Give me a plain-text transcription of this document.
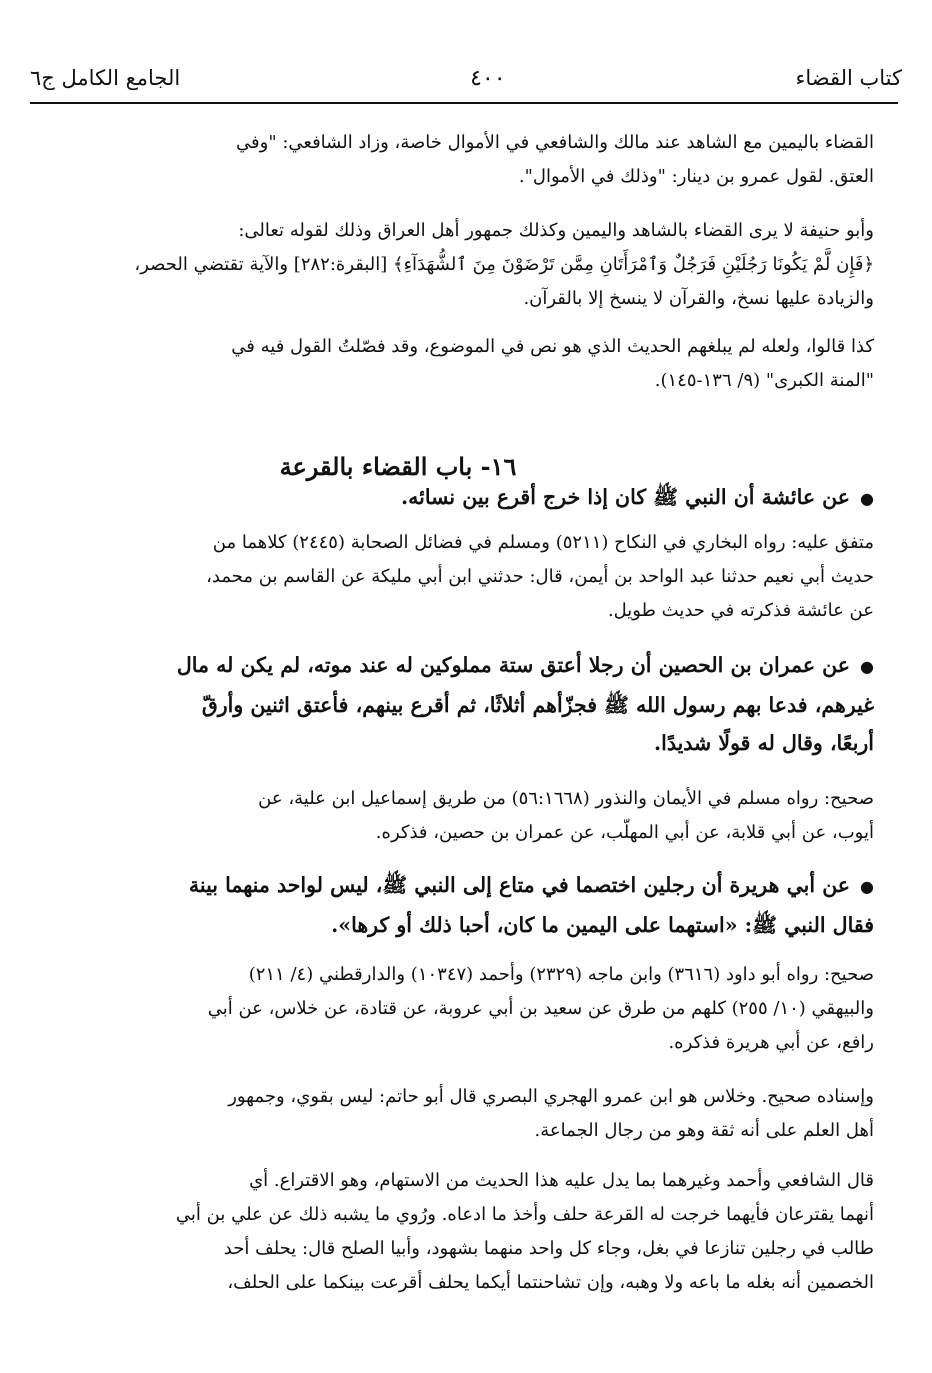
كتاب القضاء
٤٠٠
الجامع الكامل ج٦
القضاء باليمين مع الشاهد عند مالك والشافعي في الأموال خاصة، وزاد الشافعي: "وفي
العتق. لقول عمرو بن دينار: "وذلك في الأموال".
وأبو حنيفة لا يرى القضاء بالشاهد واليمين وكذلك جمهور أهل العراق وذلك لقوله تعالى:
﴿فَإِن لَّمْ يَكُونَا رَجُلَيْنِ فَرَجُلٌ وَٱمْرَأَتَانِ مِمَّن تَرْضَوْنَ مِنَ ٱلشُّهَدَآءِ﴾ [البقرة:٢٨٢] والآية تقتضي الحصر،
والزيادة عليها نسخ، والقرآن لا ينسخ إلا بالقرآن.
كذا قالوا، ولعله لم يبلغهم الحديث الذي هو نص في الموضوع، وقد فصّلتُ القول فيه في
"المنة الكبرى" (٩/ ١٣٦-١٤٥).
١٦- باب القضاء بالقرعة
●عن عائشة أن النبي ﷺ كان إذا خرج أقرع بين نسائه.
متفق عليه: رواه البخاري في النكاح (٥٢١١) ومسلم في فضائل الصحابة (٢٤٤٥) كلاهما من
حديث أبي نعيم حدثنا عبد الواحد بن أيمن، قال: حدثني ابن أبي مليكة عن القاسم بن محمد،
عن عائشة فذكرته في حديث طويل.
●عن عمران بن الحصين أن رجلا أعتق ستة مملوكين له عند موته، لم يكن له مال
غيرهم، فدعا بهم رسول الله ﷺ فجزّأهم أثلاثًا، ثم أقرع بينهم، فأعتق اثنين وأرقّ
أربعًا، وقال له قولًا شديدًا.
صحيح: رواه مسلم في الأيمان والنذور (٥٦:١٦٦٨) من طريق إسماعيل ابن علية، عن
أيوب، عن أبي قلابة، عن أبي المهلّب، عن عمران بن حصين، فذكره.
●عن أبي هريرة أن رجلين اختصما في متاع إلى النبي ﷺ، ليس لواحد منهما بينة
فقال النبي ﷺ: «استهما على اليمين ما كان، أحبا ذلك أو كرها».
صحيح: رواه أبو داود (٣٦١٦) وابن ماجه (٢٣٢٩) وأحمد (١٠٣٤٧) والدارقطني (٤/ ٢١١)
والبيهقي (١٠/ ٢٥٥) كلهم من طرق عن سعيد بن أبي عروبة، عن قتادة، عن خلاس، عن أبي
رافع، عن أبي هريرة فذكره.
وإسناده صحيح. وخلاس هو ابن عمرو الهجري البصري قال أبو حاتم: ليس بقوي، وجمهور
أهل العلم على أنه ثقة وهو من رجال الجماعة.
قال الشافعي وأحمد وغيرهما بما يدل عليه هذا الحديث من الاستهام، وهو الاقتراع. أي
أنهما يقترعان فأيهما خرجت له القرعة حلف وأخذ ما ادعاه. ورُوي ما يشبه ذلك عن علي بن أبي
طالب في رجلين تنازعا في بغل، وجاء كل واحد منهما بشهود، وأبيا الصلح قال: يحلف أحد
الخصمين أنه بغله ما باعه ولا وهبه، وإن تشاحنتما أيكما يحلف أقرعت بينكما على الحلف،
